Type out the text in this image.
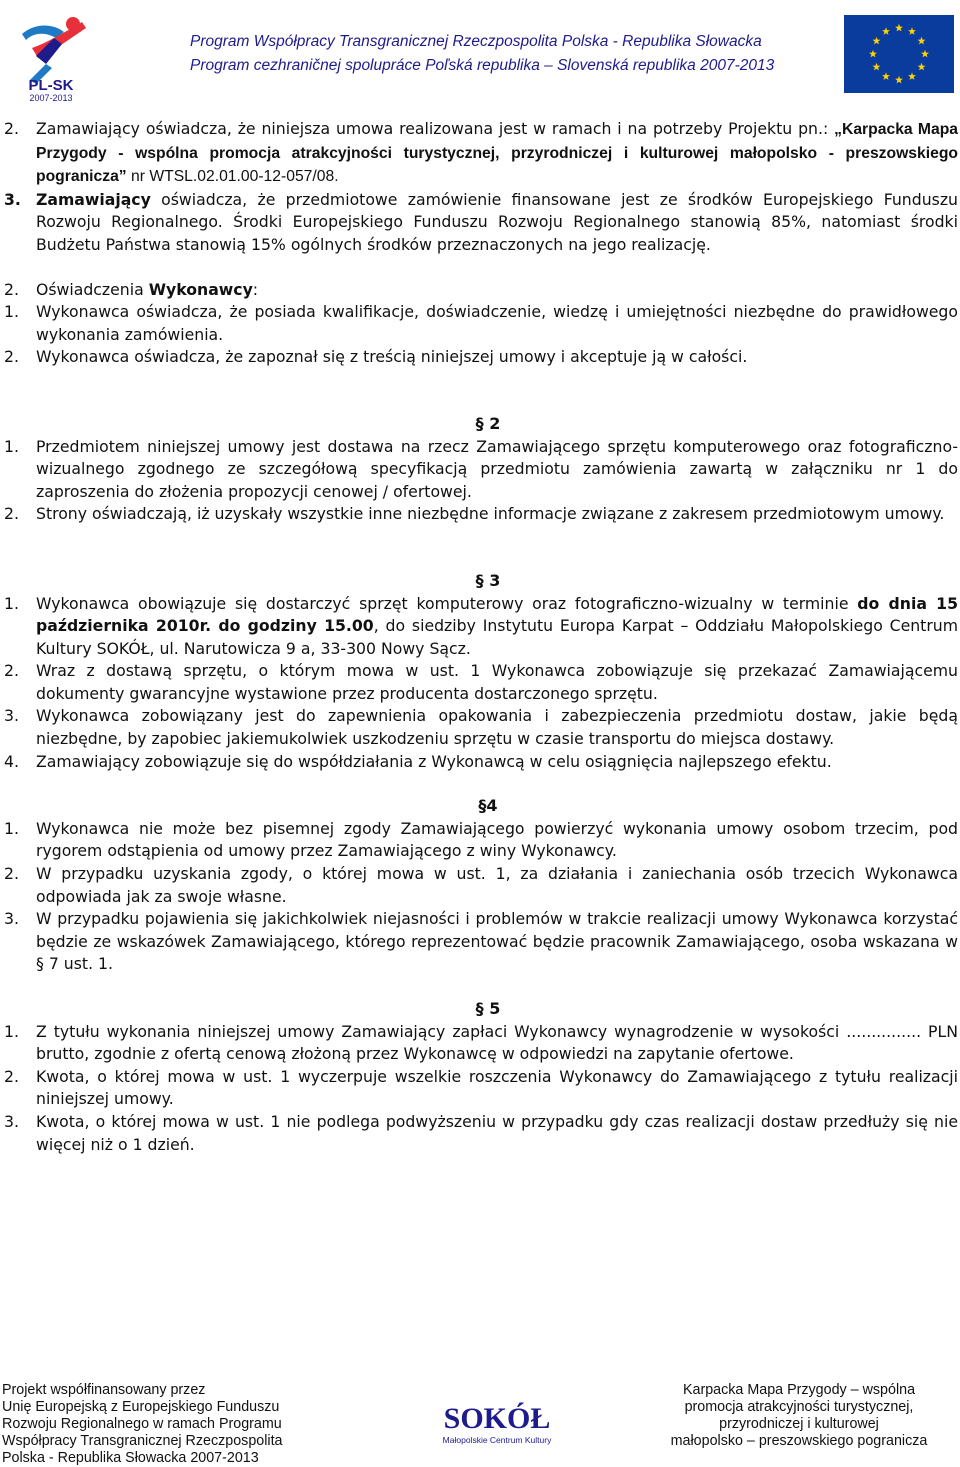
PL-SK
2007-2013
Program Współpracy Transgranicznej Rzeczpospolita Polska - Republika Słowacka
Program cezhraničnej spolupráce Poľská republika – Slovenská republika 2007-2013
2. Zamawiający oświadcza, że niniejsza umowa realizowana jest w ramach i na potrzeby Projektu pn.: „Karpacka Mapa Przygody - wspólna promocja atrakcyjności turystycznej, przyrodniczej i kulturowej małopolsko - preszowskiego pogranicza” nr WTSL.02.01.00-12-057/08.
3. Zamawiający oświadcza, że przedmiotowe zamówienie finansowane jest ze środków Europejskiego Funduszu Rozwoju Regionalnego. Środki Europejskiego Funduszu Rozwoju Regionalnego stanowią 85%, natomiast środki Budżetu Państwa stanowią 15% ogólnych środków przeznaczonych na jego realizację.
2. Oświadczenia Wykonawcy:
1. Wykonawca oświadcza, że posiada kwalifikacje, doświadczenie, wiedzę i umiejętności niezbędne do prawidłowego wykonania zamówienia.
2. Wykonawca oświadcza, że zapoznał się z treścią niniejszej umowy i akceptuje ją w całości.
§ 2
1. Przedmiotem niniejszej umowy jest dostawa na rzecz Zamawiającego sprzętu komputerowego oraz fotograficzno-wizualnego zgodnego ze szczegółową specyfikacją przedmiotu zamówienia zawartą w załączniku nr 1 do zaproszenia do złożenia propozycji cenowej / ofertowej.
2. Strony oświadczają, iż uzyskały wszystkie inne niezbędne informacje związane z zakresem przedmiotowym umowy.
§ 3
1. Wykonawca obowiązuje się dostarczyć sprzęt komputerowy oraz fotograficzno-wizualny w terminie do dnia 15 października 2010r. do godziny 15.00, do siedziby Instytutu Europa Karpat – Oddziału Małopolskiego Centrum Kultury SOKÓŁ, ul. Narutowicza 9 a, 33-300 Nowy Sącz.
2. Wraz z dostawą sprzętu, o którym mowa w ust. 1 Wykonawca zobowiązuje się przekazać Zamawiającemu dokumenty gwarancyjne wystawione przez producenta dostarczonego sprzętu.
3. Wykonawca zobowiązany jest do zapewnienia opakowania i zabezpieczenia przedmiotu dostaw, jakie będą niezbędne, by zapobiec jakiemukolwiek uszkodzeniu sprzętu w czasie transportu do miejsca dostawy.
4. Zamawiający zobowiązuje się do współdziałania z Wykonawcą w celu osiągnięcia najlepszego efektu.
§4
1. Wykonawca nie może bez pisemnej zgody Zamawiającego powierzyć wykonania umowy osobom trzecim, pod rygorem odstąpienia od umowy przez Zamawiającego z winy Wykonawcy.
2. W przypadku uzyskania zgody, o której mowa w ust. 1, za działania i zaniechania osób trzecich Wykonawca odpowiada jak za swoje własne.
3. W przypadku pojawienia się jakichkolwiek niejasności i problemów w trakcie realizacji umowy Wykonawca korzystać będzie ze wskazówek Zamawiającego, którego reprezentować będzie pracownik Zamawiającego, osoba wskazana w § 7 ust. 1.
§ 5
1. Z tytułu wykonania niniejszej umowy Zamawiający zapłaci Wykonawcy wynagrodzenie w wysokości ............... PLN brutto, zgodnie z ofertą cenową złożoną przez Wykonawcę w odpowiedzi na zapytanie ofertowe.
2. Kwota, o której mowa w ust. 1 wyczerpuje wszelkie roszczenia Wykonawcy do Zamawiającego z tytułu realizacji niniejszej umowy.
3. Kwota, o której mowa w ust. 1 nie podlega podwyższeniu w przypadku gdy czas realizacji dostaw przedłuży się nie więcej niż o 1 dzień.
Projekt współfinansowany przez
Unię Europejską z Europejskiego Funduszu
Rozwoju Regionalnego w ramach Programu
Współpracy Transgranicznej Rzeczpospolita
Polska - Republika Słowacka 2007-2013
SOKÓŁ
Małopolskie Centrum Kultury
Karpacka Mapa Przygody – wspólna
promocja atrakcyjności turystycznej,
przyrodniczej i kulturowej
małopolsko – preszowskiego pogranicza
